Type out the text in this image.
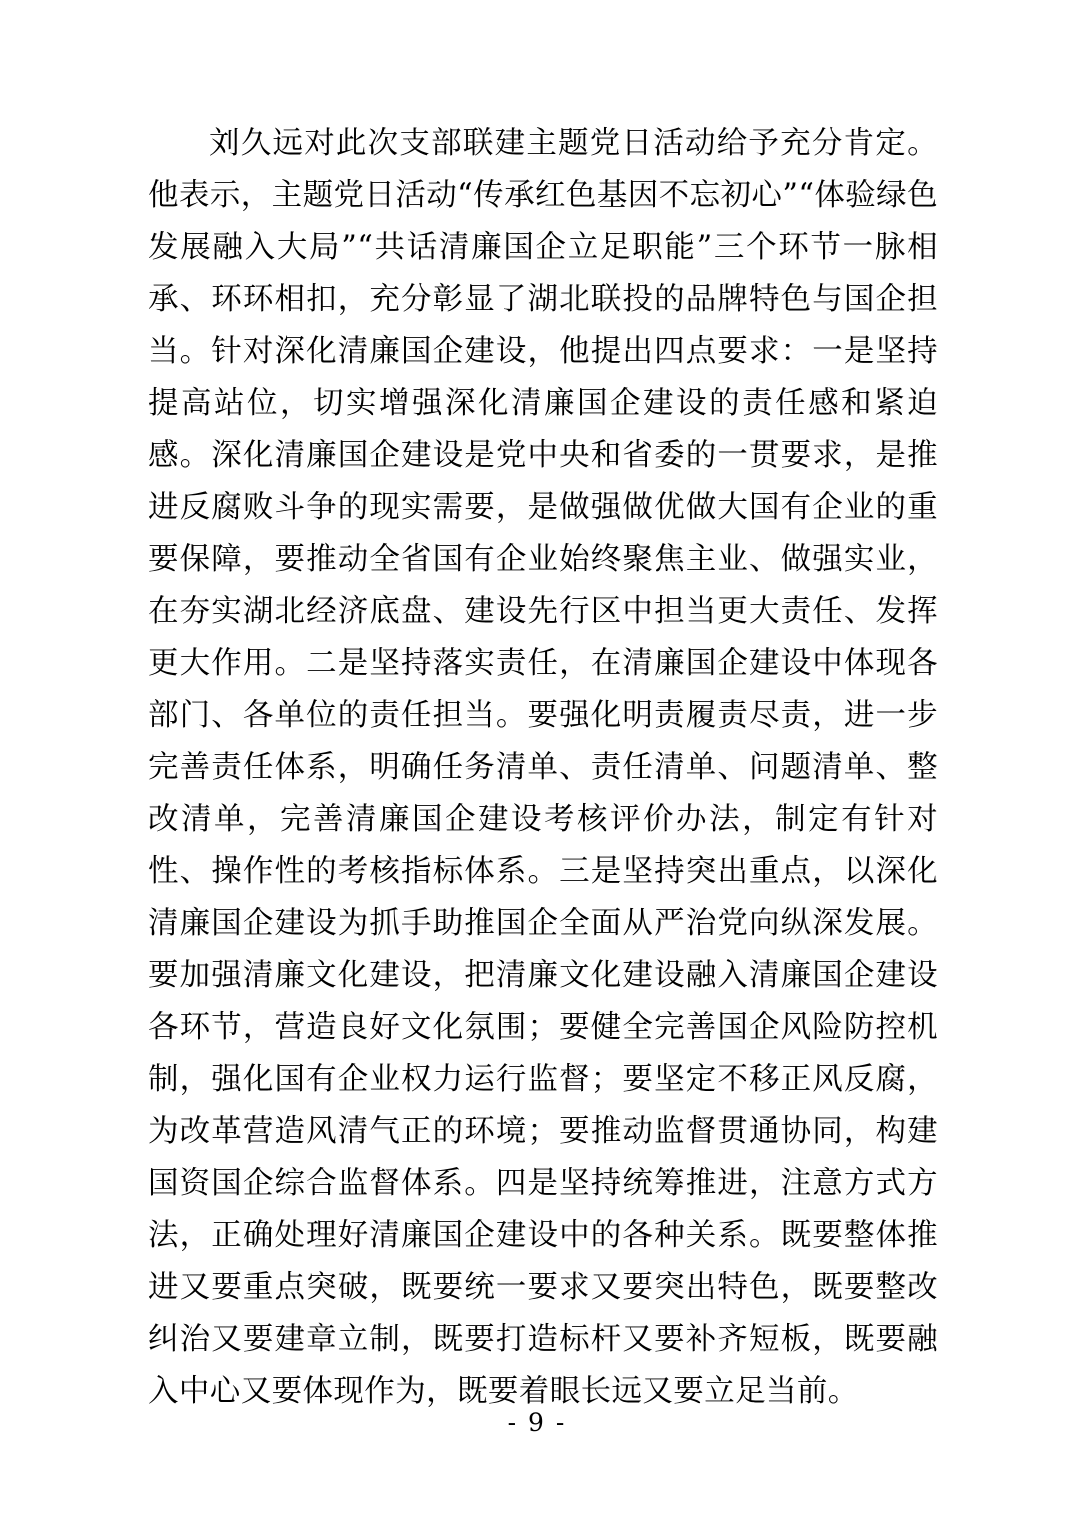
刘久远对此次支部联建主题党日活动给予充分肯定。他表示，主题党日活动“传承红色基因不忘初心”“体验绿色发展融入大局”“共话清廉国企立足职能”三个环节一脉相承、环环相扣，充分彰显了湖北联投的品牌特色与国企担当。针对深化清廉国企建设，他提出四点要求：一是坚持提高站位，切实增强深化清廉国企建设的责任感和紧迫感。深化清廉国企建设是党中央和省委的一贯要求，是推进反腐败斗争的现实需要，是做强做优做大国有企业的重要保障，要推动全省国有企业始终聚焦主业、做强实业，在夯实湖北经济底盘、建设先行区中担当更大责任、发挥更大作用。二是坚持落实责任，在清廉国企建设中体现各部门、各单位的责任担当。要强化明责履责尽责，进一步完善责任体系，明确任务清单、责任清单、问题清单、整改清单，完善清廉国企建设考核评价办法，制定有针对性、操作性的考核指标体系。三是坚持突出重点，以深化清廉国企建设为抓手助推国企全面从严治党向纵深发展。要加强清廉文化建设，把清廉文化建设融入清廉国企建设各环节，营造良好文化氛围；要健全完善国企风险防控机制，强化国有企业权力运行监督；要坚定不移正风反腐，为改革营造风清气正的环境；要推动监督贯通协同，构建国资国企综合监督体系。四是坚持统筹推进，注意方式方法，正确处理好清廉国企建设中的各种关系。既要整体推进又要重点突破，既要统一要求又要突出特色，既要整改纠治又要建章立制，既要打造标杆又要补齐短板，既要融入中心又要体现作为，既要着眼长远又要立足当前。

- 9 -
